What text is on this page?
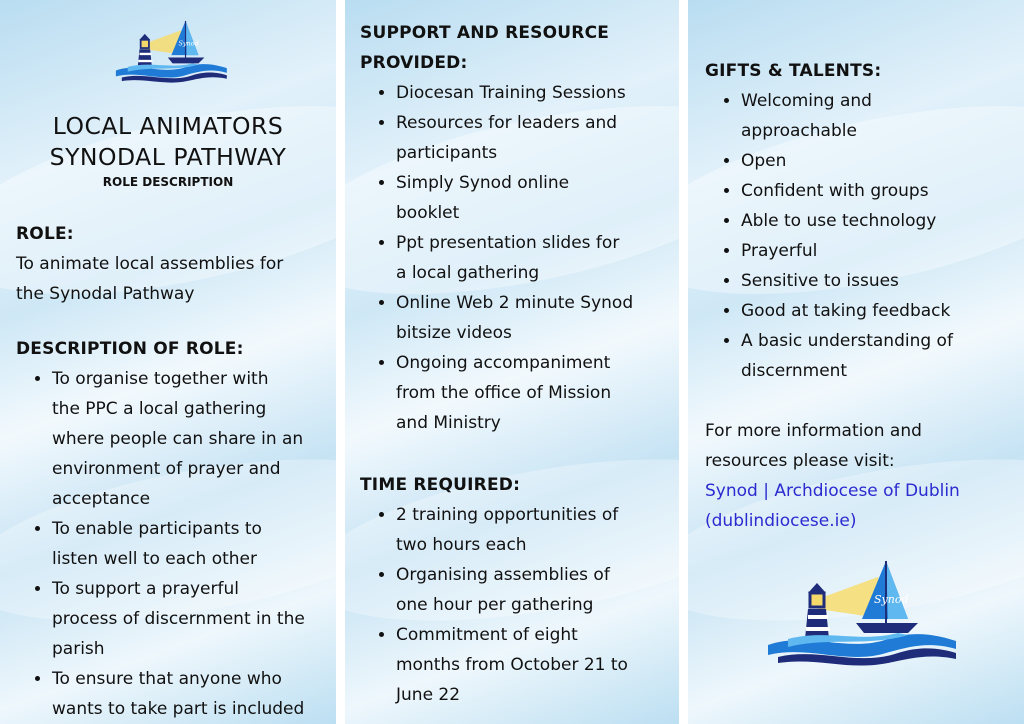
LOCAL ANIMATORS
SYNODAL PATHWAY
ROLE DESCRIPTION
ROLE:
To animate local assemblies for
the Synodal Pathway
DESCRIPTION OF ROLE:
• To organise together with
the PPC a local gathering
where people can share in an
environment of prayer and
acceptance
• To enable participants to
listen well to each other
• To support a prayerful
process of discernment in the
parish
• To ensure that anyone who
wants to take part is included
SUPPORT AND RESOURCE
PROVIDED:
• Diocesan Training Sessions
• Resources for leaders and
participants
• Simply Synod online
booklet
• Ppt presentation slides for
a local gathering
• Online Web 2 minute Synod
bitsize videos
• Ongoing accompaniment
from the office of Mission
and Ministry
TIME REQUIRED:
• 2 training opportunities of
two hours each
• Organising assemblies of
one hour per gathering
• Commitment of eight
months from October 21 to
June 22
GIFTS & TALENTS:
• Welcoming and
approachable
• Open
• Confident with groups
• Able to use technology
• Prayerful
• Sensitive to issues
• Good at taking feedback
• A basic understanding of
discernment
For more information and
resources please visit:
Synod | Archdiocese of Dublin
(dublindiocese.ie)
